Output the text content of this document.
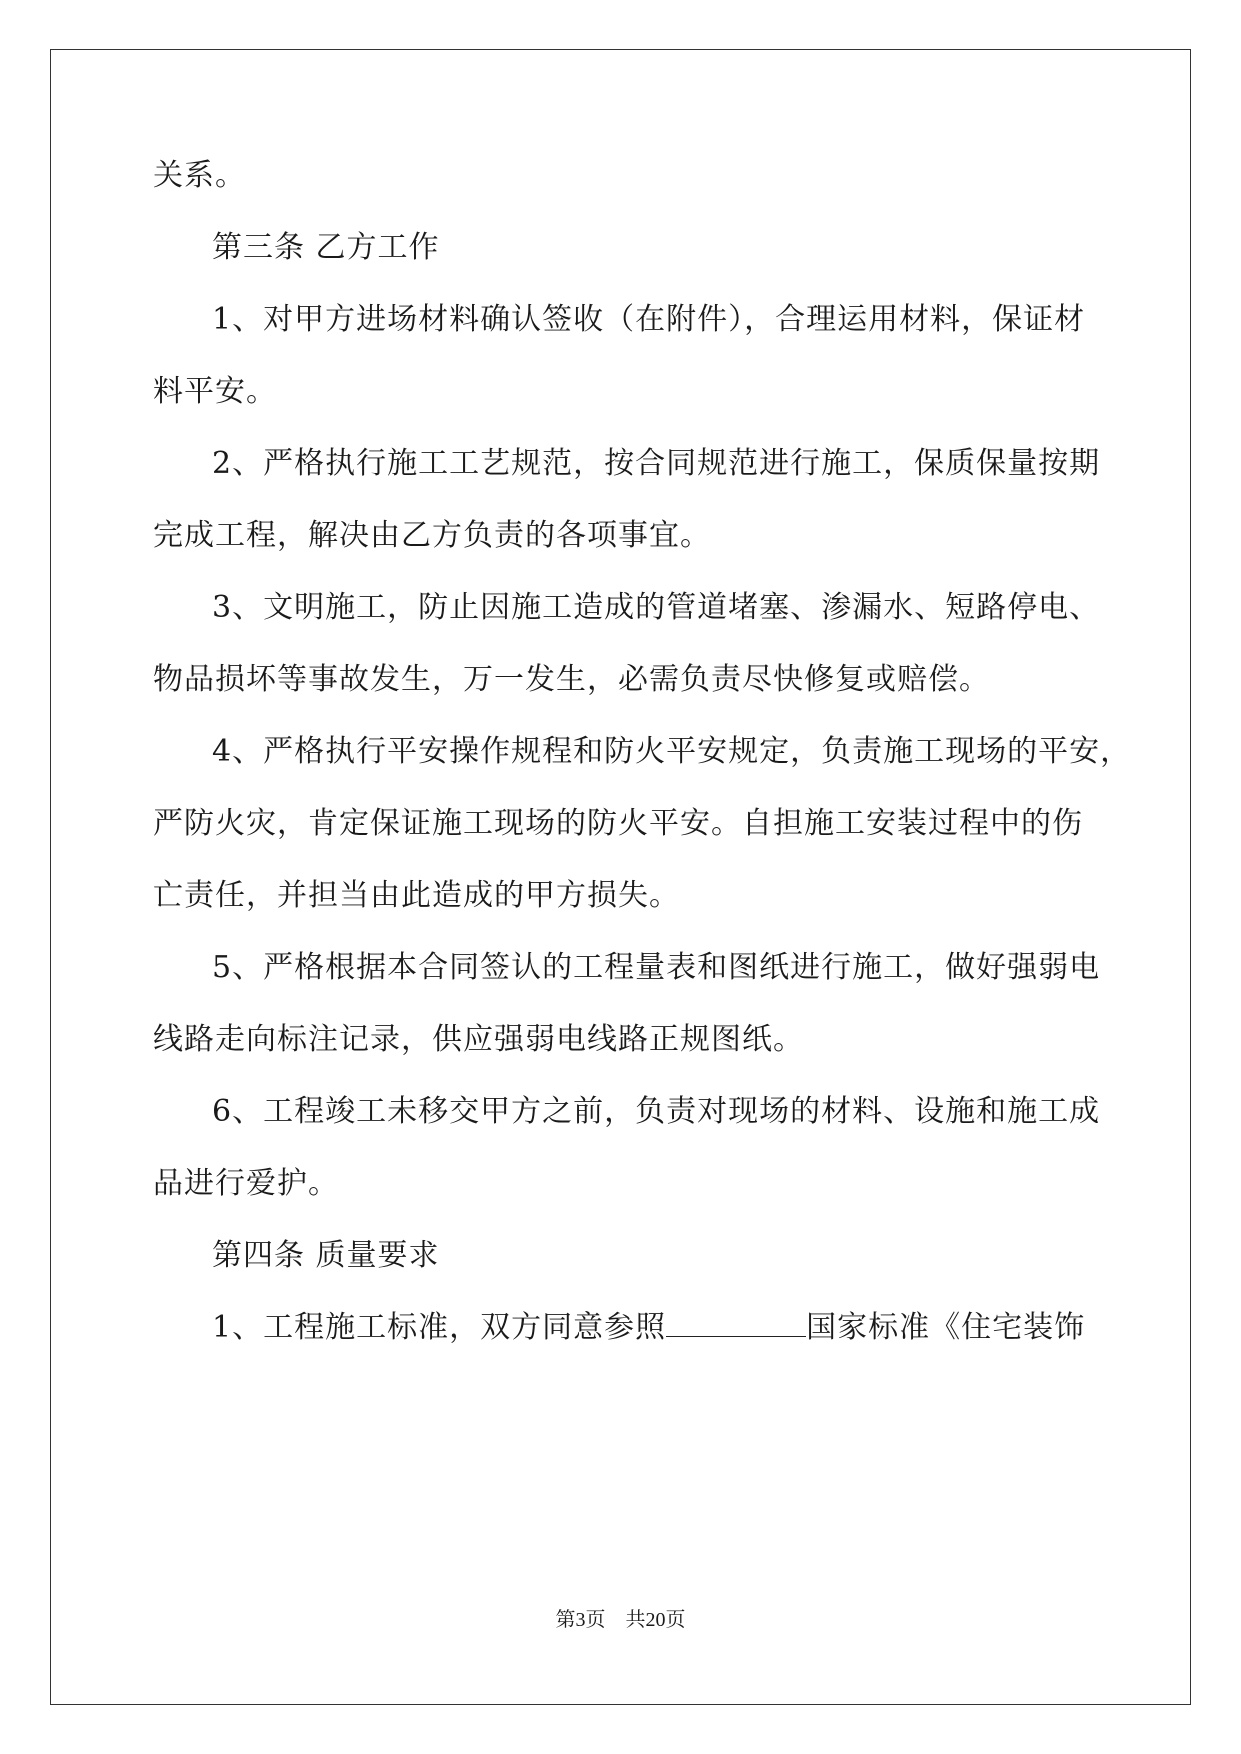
关系。
第三条 乙方工作
1、对甲方进场材料确认签收（在附件），合理运用材料，保证材
料平安。
2、严格执行施工工艺规范，按合同规范进行施工，保质保量按期
完成工程，解决由乙方负责的各项事宜。
3、文明施工，防止因施工造成的管道堵塞、渗漏水、短路停电、
物品损坏等事故发生，万一发生，必需负责尽快修复或赔偿。
4、严格执行平安操作规程和防火平安规定，负责施工现场的平安，
严防火灾，肯定保证施工现场的防火平安。自担施工安装过程中的伤
亡责任，并担当由此造成的甲方损失。
5、严格根据本合同签认的工程量表和图纸进行施工，做好强弱电
线路走向标注记录，供应强弱电线路正规图纸。
6、工程竣工未移交甲方之前，负责对现场的材料、设施和施工成
品进行爱护。
第四条 质量要求
1、工程施工标准，双方同意参照	国家标准《住宅装饰
第3页　共20页
